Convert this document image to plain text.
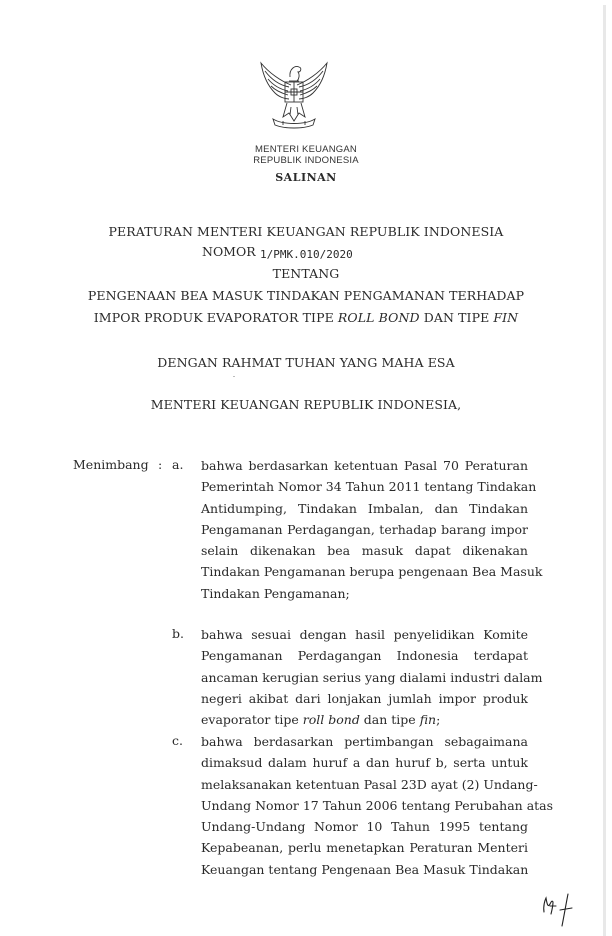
MENTERI KEUANGAN
REPUBLIK INDONESIA
SALINAN
PERATURAN MENTERI KEUANGAN REPUBLIK INDONESIA
NOMOR 1/PMK.010/2020
TENTANG
PENGENAAN BEA MASUK TINDAKAN PENGAMANAN TERHADAP
IMPOR PRODUK EVAPORATOR TIPE ROLL BOND DAN TIPE FIN
DENGAN RAHMAT TUHAN YANG MAHA ESA
MENTERI KEUANGAN REPUBLIK INDONESIA,
Menimbang : a. bahwa berdasarkan ketentuan Pasal 70 Peraturan
Pemerintah Nomor 34 Tahun 2011 tentang Tindakan
Antidumping, Tindakan Imbalan, dan Tindakan
Pengamanan Perdagangan, terhadap barang impor
selain dikenakan bea masuk dapat dikenakan
Tindakan Pengamanan berupa pengenaan Bea Masuk
Tindakan Pengamanan;
b. bahwa sesuai dengan hasil penyelidikan Komite
Pengamanan Perdagangan Indonesia terdapat
ancaman kerugian serius yang dialami industri dalam
negeri akibat dari lonjakan jumlah impor produk
evaporator tipe roll bond dan tipe fin;
c. bahwa berdasarkan pertimbangan sebagaimana
dimaksud dalam huruf a dan huruf b, serta untuk
melaksanakan ketentuan Pasal 23D ayat (2) Undang-
Undang Nomor 17 Tahun 2006 tentang Perubahan atas
Undang-Undang Nomor 10 Tahun 1995 tentang
Kepabeanan, perlu menetapkan Peraturan Menteri
Keuangan tentang Pengenaan Bea Masuk Tindakan
